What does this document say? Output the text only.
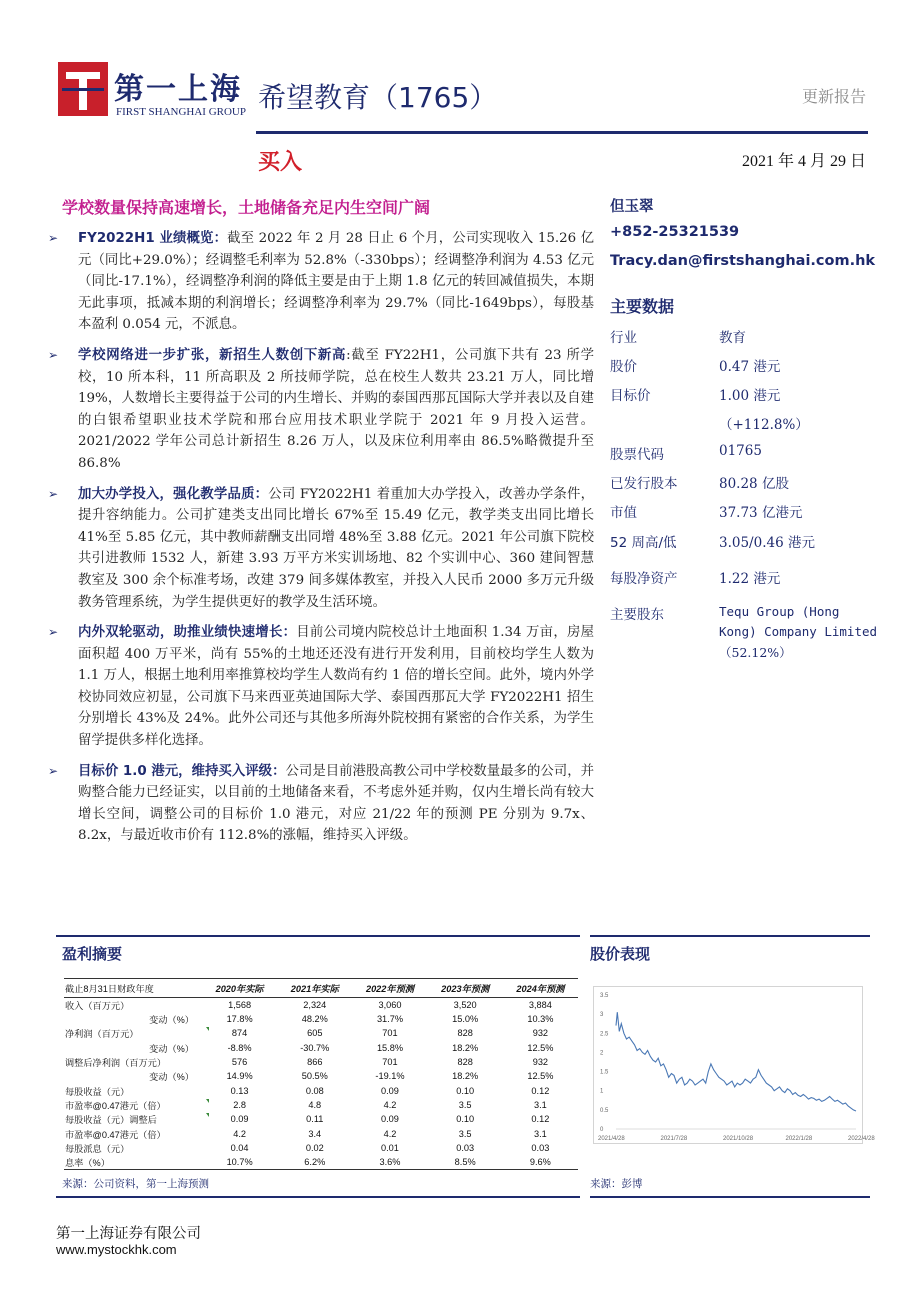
第一上海
FIRST SHANGHAI GROUP 希望教育（1765）	更新报告
买入	2021 年 4 月 29 日
学校数量保持高速增长，土地储备充足内生空间广阔
➢ FY2022H1 业绩概览：截至 2022 年 2 月 28 日止 6 个月，公司实现收入 15.26 亿元（同比+29.0%）；经调整毛利率为 52.8%（-330bps）；经调整净利润为 4.53 亿元（同比-17.1%），经调整净利润的降低主要是由于上期 1.8 亿元的转回减值损失，本期无此事项，抵减本期的利润增长；经调整净利率为 29.7%（同比-1649bps），每股基本盈利 0.054 元，不派息。
➢ 学校网络进一步扩张，新招生人数创下新高:截至 FY22H1，公司旗下共有 23 所学校，10 所本科，11 所高职及 2 所技师学院，总在校生人数共 23.21 万人，同比增 19%，人数增长主要得益于公司的内生增长、并购的泰国西那瓦国际大学并表以及自建的白银希望职业技术学院和邢台应用技术职业学院于 2021 年 9 月投入运营。2021/2022 学年公司总计新招生 8.26 万人，以及床位利用率由 86.5%略微提升至 86.8%
➢ 加大办学投入，强化教学品质：公司 FY2022H1 着重加大办学投入，改善办学条件，提升容纳能力。公司扩建类支出同比增长 67%至 15.49 亿元，教学类支出同比增长 41%至 5.85 亿元，其中教师薪酬支出同增 48%至 3.88 亿元。2021 年公司旗下院校共引进教师 1532 人，新建 3.93 万平方米实训场地、82 个实训中心、360 建间智慧教室及 300 余个标准考场，改建 379 间多媒体教室，并投入人民币 2000 多万元升级教务管理系统，为学生提供更好的教学及生活环境。
➢ 内外双轮驱动，助推业绩快速增长：目前公司境内院校总计土地面积 1.34 万亩，房屋面积超 400 万平米，尚有 55%的土地还还没有进行开发利用，目前校均学生人数为 1.1 万人，根据土地利用率推算校均学生人数尚有约 1 倍的增长空间。此外，境内外学校协同效应初显，公司旗下马来西亚英迪国际大学、泰国西那瓦大学 FY2022H1 招生分别增长 43%及 24%。此外公司还与其他多所海外院校拥有紧密的合作关系，为学生留学提供多样化选择。
➢ 目标价 1.0 港元，维持买入评级：公司是目前港股高教公司中学校数量最多的公司，并购整合能力已经证实，以目前的土地储备来看，不考虑外延并购，仅内生增长尚有较大增长空间，调整公司的目标价 1.0 港元，对应 21/22 年的预测 PE 分别为 9.7x、8.2x，与最近收市价有 112.8%的涨幅，维持买入评级。
但玉翠
+852-25321539
Tracy.dan@firstshanghai.com.hk
主要数据
行业	教育
股价	0.47 港元
目标价	1.00 港元
（+112.8%）
股票代码	01765
已发行股本	80.28 亿股
市值	37.73 亿港元
52 周高/低	3.05/0.46 港元
每股净资产	1.22 港元
主要股东	Tequ Group (Hong
Kong) Company Limited
（52.12%）
盈利摘要	股价表现
截止8月31日财政年度	2020年实际	2021年实际	2022年预测	2023年预测	2024年预测
收入（百万元）	1,568	2,324	3,060	3,520	3,884
变动（%）	17.8%	48.2%	31.7%	15.0%	10.3%
净利润（百万元）	874	605	701	828	932
变动（%）	-8.8%	-30.7%	15.8%	18.2%	12.5%
调整后净利润（百万元）	576	866	701	828	932
变动（%）	14.9%	50.5%	-19.1%	18.2%	12.5%
每股收益（元）	0.13	0.08	0.09	0.10	0.12
市盈率@0.47港元（倍）	2.8	4.8	4.2	3.5	3.1
每股收益（元）调整后	0.09	0.11	0.09	0.10	0.12
市盈率@0.47港元（倍）	4.2	3.4	4.2	3.5	3.1
每股派息（元）	0.04	0.02	0.01	0.03	0.03
息率（%）	10.7%	6.2%	3.6%	8.5%	9.6%
3.5
3
2.5
2
1.5
1
0.5
0
2021/4/28	2021/7/28	2021/10/28	2022/1/28	2022/4/28
来源：公司资料，第一上海预测	来源：彭博
第一上海证券有限公司
www.mystockhk.com
